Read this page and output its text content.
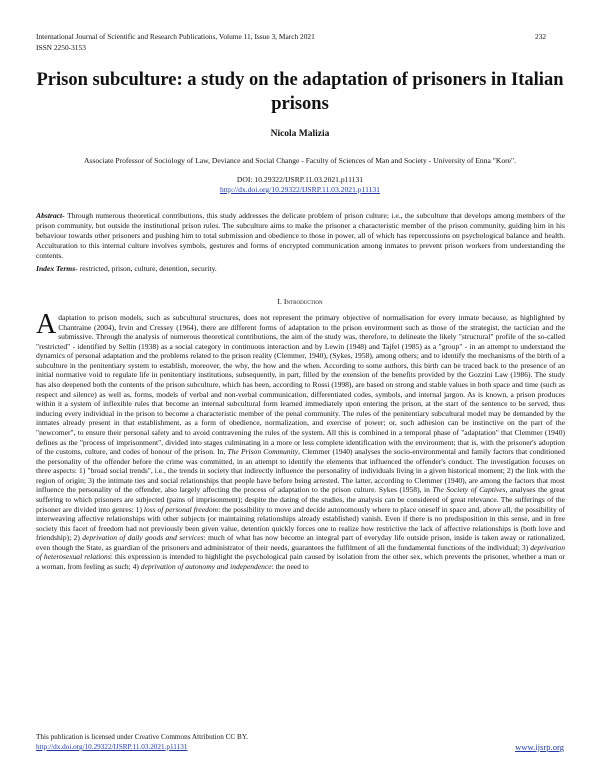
International Journal of Scientific and Research Publications, Volume 11, Issue 3, March 2021
ISSN 2250-3153
232
Prison subculture: a study on the adaptation of prisoners in Italian prisons
Nicola Malizia
Associate Professor of Sociology of Law, Deviance and Social Change - Faculty of Sciences of Man and Society - University of Enna "Kore".
DOI: 10.29322/IJSRP.11.03.2021.p11131
http://dx.doi.org/10.29322/IJSRP.11.03.2021.p11131
Abstract- Through numerous theoretical contributions, this study addresses the delicate problem of prison culture; i.e., the subculture that develops among members of the prison community, but outside the institutional prison rules. The subculture aims to make the prisoner a characteristic member of the prison community, guiding him in his behaviour towards other prisoners and pushing him to total submission and obedience to those in power, all of which has repercussions on psychological balance and health. Acculturation to this internal culture involves symbols, gestures and forms of encrypted communication among inmates to prevent prison workers from understanding the contents.
Index Terms- restricted, prison, culture, detention, security.
I. Introduction
Adaptation to prison models, such as subcultural structures, does not represent the primary objective of normalisation for every inmate because, as highlighted by Chantraine (2004), Irvin and Cressey (1964), there are different forms of adaptation to the prison environment such as those of the strategist, the tactician and the submissive. Through the analysis of numerous theoretical contributions, the aim of the study was, therefore, to delineate the likely "structural" profile of the so-called "restricted" - identified by Sellin (1938) as a social category in continuous interaction and by Lewin (1948) and Tajfel (1985) as a "group" - in an attempt to understand the dynamics of personal adaptation and the problems related to the prison reality (Clemmer, 1940), (Sykes, 1958), among others; and to identify the mechanisms of the birth of a subculture in the penitentiary system to establish, moreover, the why, the how and the when. According to some authors, this birth can be traced back to the presence of an initial normative void to regulate life in penitentiary institutions, subsequently, in part, filled by the exension of the benefits provided by the Gozzini Law (1986). The study has also deepened both the contents of the prison subculture, which has been, according to Rossi (1998), are based on strong and stable values in both space and time (such as respect and silence) as well as, forms, models of verbal and non-verbal communication, differentiated codes, symbols, and internal jargon. As is known, a prison produces within it a system of inflexible rules that become an internal subcultural form learned immediately upon entering the prison, at the start of the sentence to be served, thus inducing every individual in the prison to become a characteristic member of the penal community. The rules of the penitentiary subcultural model may be demanded by the inmates already present in that establishment, as a form of obedience, normalization, and exercise of power; or, such adhesion can be instinctive on the part of the "newcomer", to ensure their personal safety and to avoid contravening the rules of the system. All this is combined in a temporal phase of "adaptation" that Clemmer (1940) defines as the "process of imprisonment", divided into stages culminating in a more or less complete identification with the environment; that is, with the prisoner's adoption of the customs, culture, and codes of honour of the prison. In, The Prison Community, Clemmer (1940) analyses the socio-environmental and family factors that conditioned the personality of the offender before the crime was committed, in an attempt to identify the elements that influenced the offender's conduct. The investigation focuses on three aspects: 1) "broad social trends", i.e., the trends in society that indirectly influence the personality of individuals living in a given historical moment; 2) the link with the region of origin; 3) the intimate ties and social relationships that people have before being arrested. The latter, according to Clemmer (1940), are among the factors that most influence the personality of the offender, also largely affecting the process of adaptation to the prison culture. Sykes (1958), in The Society of Captives, analyses the great suffering to which prisoners are subjected (pains of imprisonment); despite the dating of the studies, the analysis can be considered of great relevance. The sufferings of the prisoner are divided into genres: 1) loss of personal freedom: the possibility to move and decide autonomously where to place oneself in space and, above all, the possibility of interweaving affective relationships with other subjects (or maintaining relationships already established) vanish. Even if there is no predisposition in this sense, and in free society this facet of freedom had not previously been given value, detention quickly forces one to realize how restrictive the lack of affective relationships is (both love and friendship); 2) deprivation of daily goods and services: much of what has now become an integral part of everyday life outside prison, inside is taken away or rationalized, even though the State, as guardian of the prisoners and administrator of their needs, guarantees the fulfilment of all the fundamental functions of the individual; 3) deprivation of heterosexual relations: this expression is intended to highlight the psychological pain caused by isolation from the other sex, which prevents the prisoner, whether a man or a woman, from feeling as such; 4) deprivation of autonomy and independence: the need to
This publication is licensed under Creative Commons Attribution CC BY.
http://dx.doi.org/10.29322/IJSRP.11.03.2021.p11131	www.ijsrp.org
